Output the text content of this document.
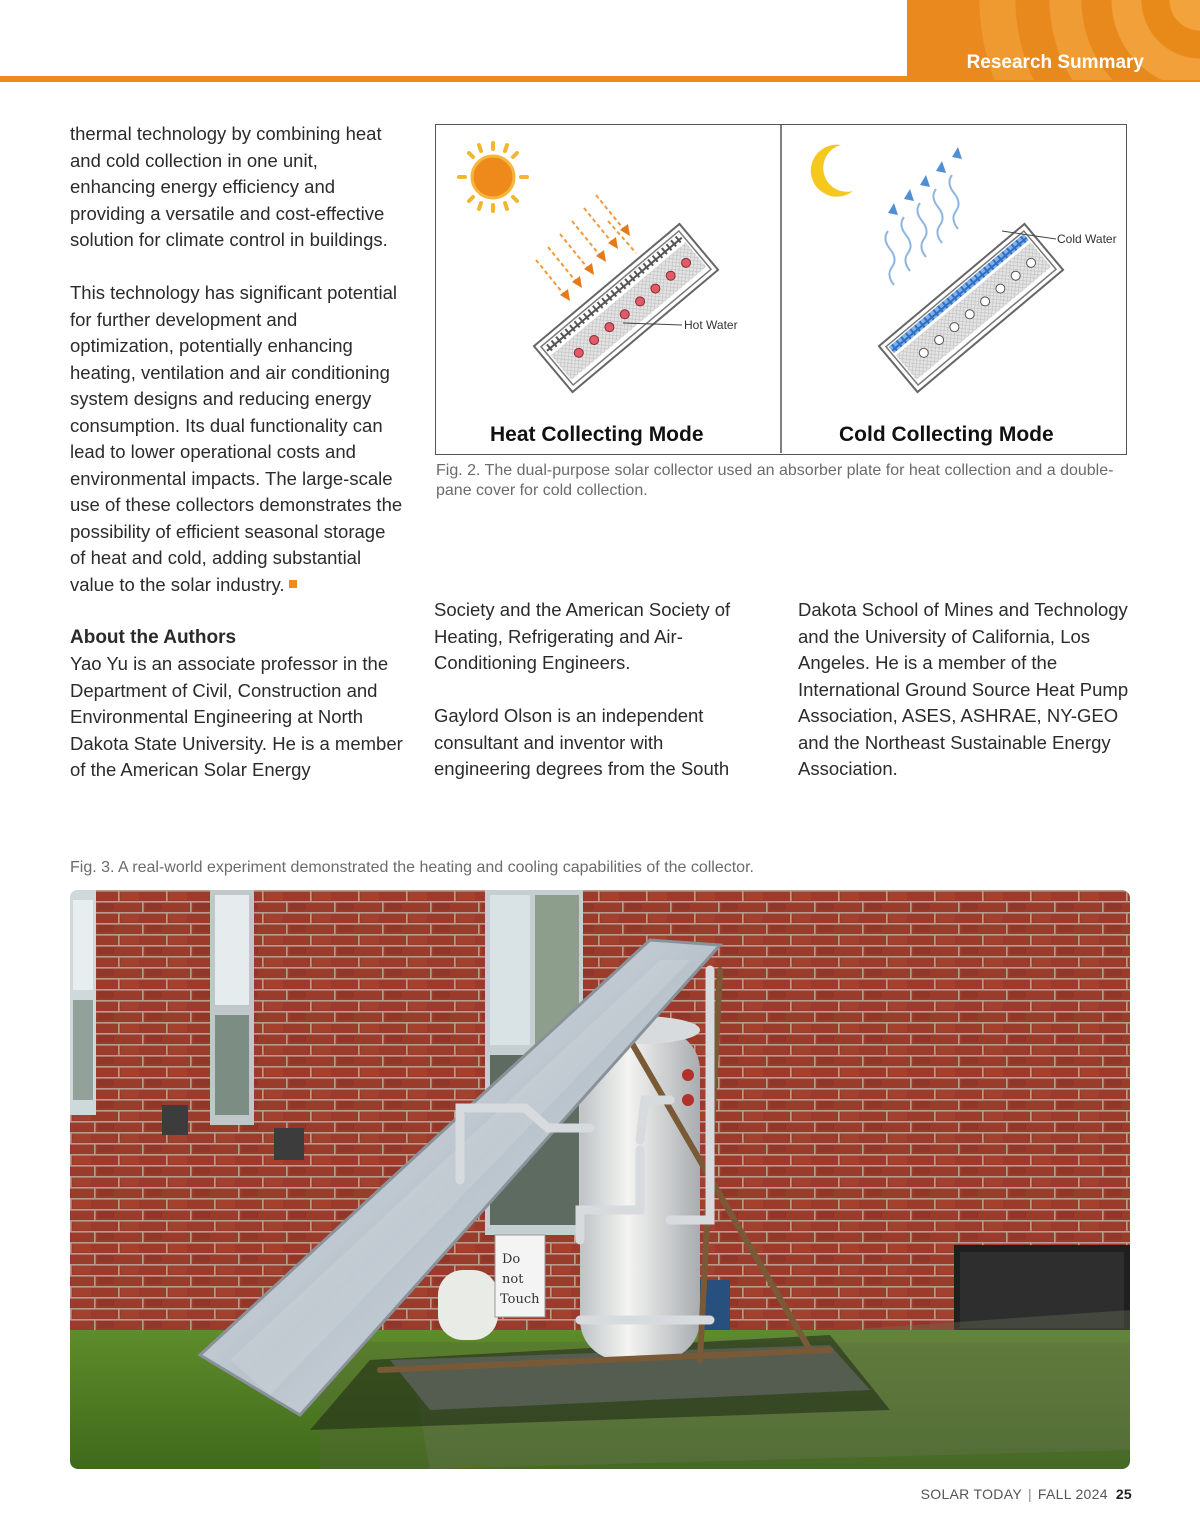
Research Summary

thermal technology by combining heat and cold collection in one unit, enhancing energy efficiency and providing a versatile and cost-effective solution for climate control in buildings.

This technology has significant potential for further development and optimization, potentially enhancing heating, ventilation and air conditioning system designs and reducing energy consumption. Its dual functionality can lead to lower operational costs and environmental impacts. The large-scale use of these collectors demonstrates the possibility of efficient seasonal storage of heat and cold, adding substantial value to the solar industry.

About the Authors

Yao Yu is an associate professor in the Department of Civil, Construction and Environmental Engineering at North Dakota State University. He is a member of the American Solar Energy

Society and the American Society of Heating, Refrigerating and Air-Conditioning Engineers.

Gaylord Olson is an independent consultant and inventor with engineering degrees from the South

Dakota School of Mines and Technology and the University of California, Los Angeles. He is a member of the International Ground Source Heat Pump Association, ASES, ASHRAE, NY-GEO and the Northeast Sustainable Energy Association.

Hot Water
Cold Water
Heat Collecting Mode	Cold Collecting Mode
Fig. 2. The dual-purpose solar collector used an absorber plate for heat collection and a double-pane cover for cold collection.
Fig. 3. A real-world experiment demonstrated the heating and cooling capabilities of the collector.
Do
not
Touch
SOLAR TODAY | FALL 2024 25
